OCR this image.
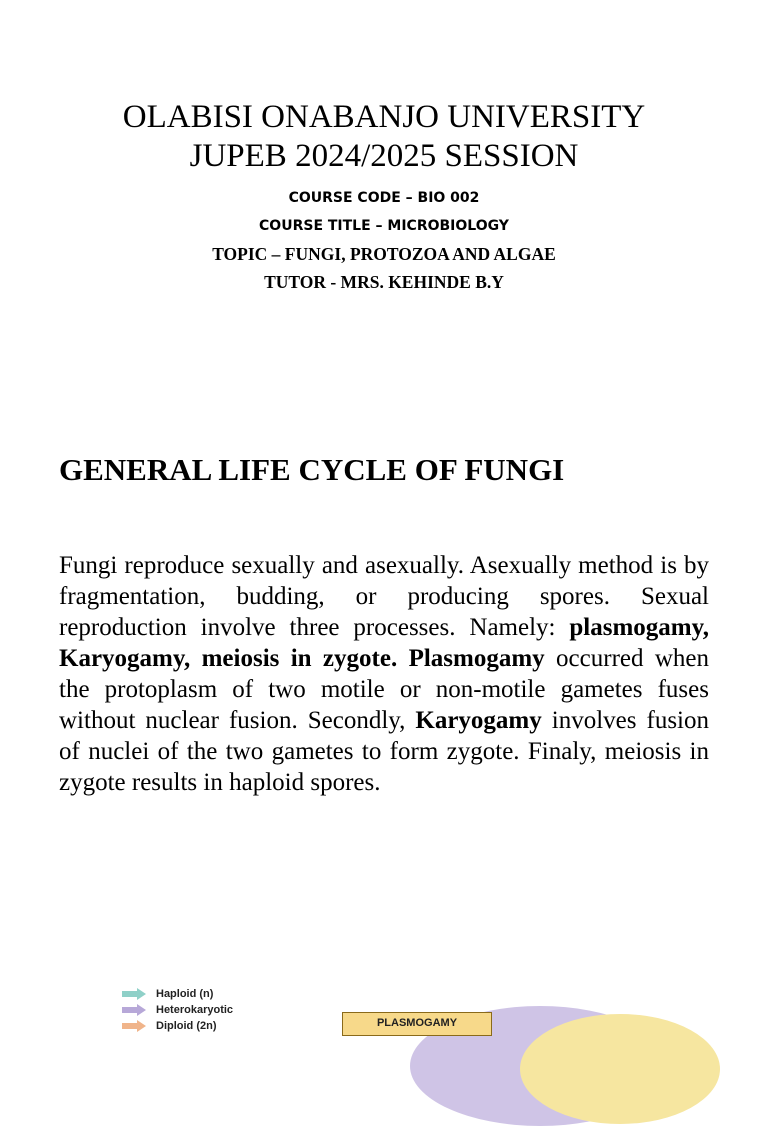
OLABISI ONABANJO UNIVERSITY

JUPEB 2024/2025 SESSION

COURSE CODE – BIO 002

COURSE TITLE – MICROBIOLOGY

TOPIC – FUNGI, PROTOZOA AND ALGAE

TUTOR - MRS. KEHINDE B.Y

GENERAL LIFE CYCLE OF FUNGI

Fungi reproduce sexually and asexually. Asexually method is by fragmentation, budding, or producing spores. Sexual reproduction involve three processes. Namely: plasmogamy, Karyogamy, meiosis in zygote. Plasmogamy occurred when the protoplasm of two motile or non-motile gametes fuses without nuclear fusion. Secondly, Karyogamy involves fusion of nuclei of the two gametes to form zygote. Finaly, meiosis in zygote results in haploid spores.

Haploid (n)
Heterokaryotic
Diploid (2n)	PLASMOGAMY
